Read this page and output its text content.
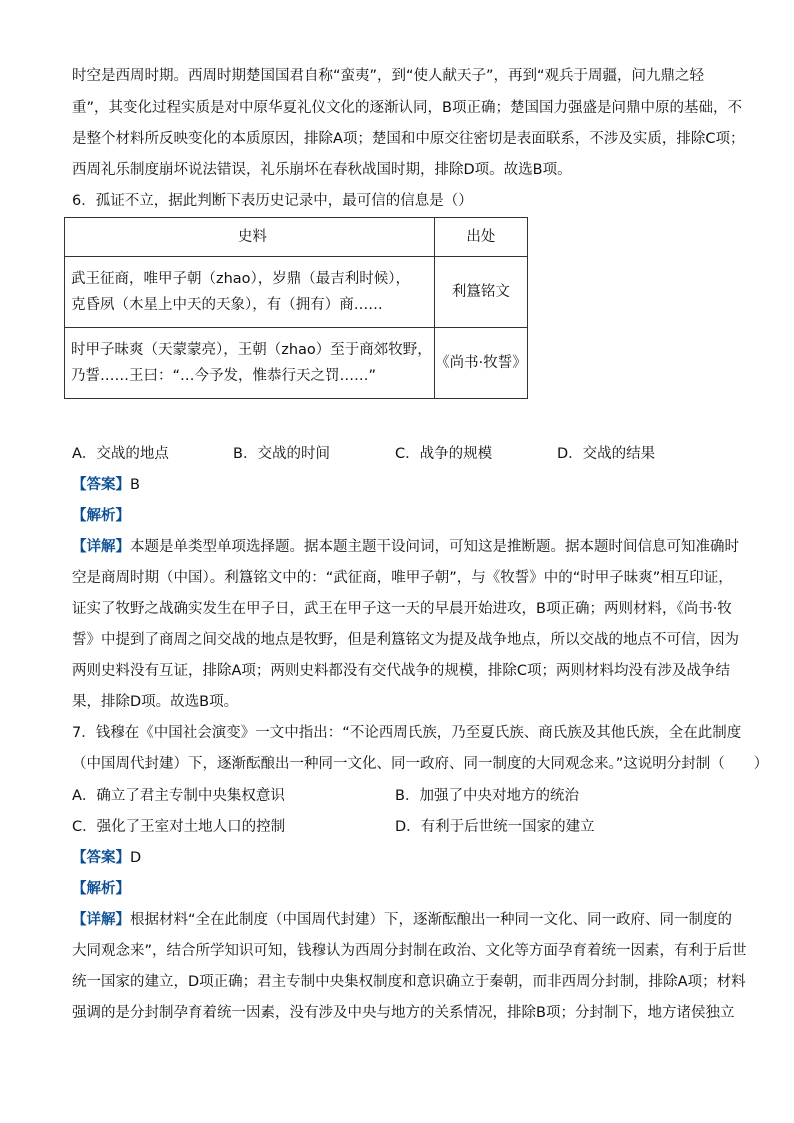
时空是西周时期。西周时期楚国国君自称“蛮夷”，到“使人献天子”，再到“观兵于周疆，问九鼎之轻
重”，其变化过程实质是对中原华夏礼仪文化的逐渐认同，B项正确；楚国国力强盛是问鼎中原的基础，不
是整个材料所反映变化的本质原因，排除A项；楚国和中原交往密切是表面联系，不涉及实质，排除C项；
西周礼乐制度崩坏说法错误，礼乐崩坏在春秋战国时期，排除D项。故选B项。
6．孤证不立，据此判断下表历史记录中，最可信的信息是（）
史料	出处

武王征商，唯甲子朝（zhao），岁鼎（最吉利时候），
克昏夙（木星上中天的天象），有（拥有）商……	利簋铭文

时甲子昧爽（天蒙蒙亮），王朝（zhao）至于商郊牧野，
乃誓……王曰：“…今予发，惟恭行天之罚……”	《尚书·牧誓》
A．交战的地点	B．交战的时间	C．战争的规模	D．交战的结果
【答案】B
【解析】
【详解】本题是单类型单项选择题。据本题主题干设问词，可知这是推断题。据本题时间信息可知准确时
空是商周时期（中国）。利簋铭文中的：“武征商，唯甲子朝”，与《牧誓》中的“时甲子昧爽”相互印证，
证实了牧野之战确实发生在甲子日，武王在甲子这一天的早晨开始进攻，B项正确；两则材料，《尚书·牧
誓》中提到了商周之间交战的地点是牧野，但是利簋铭文为提及战争地点，所以交战的地点不可信，因为
两则史料没有互证，排除A项；两则史料都没有交代战争的规模，排除C项；两则材料均没有涉及战争结
果，排除D项。故选B项。
7．钱穆在《中国社会演变》一文中指出：“不论西周氏族，乃至夏氏族、商氏族及其他氏族，全在此制度
（中国周代封建）下，逐渐酝酿出一种同一文化、同一政府、同一制度的大同观念来。”这说明分封制（　　）
A．确立了君主专制中央集权意识	B．加强了中央对地方的统治
C．强化了王室对土地人口的控制	D．有利于后世统一国家的建立
【答案】D
【解析】
【详解】根据材料“全在此制度（中国周代封建）下，逐渐酝酿出一种同一文化、同一政府、同一制度的
大同观念来”，结合所学知识可知，钱穆认为西周分封制在政治、文化等方面孕育着统一因素，有利于后世
统一国家的建立，D项正确；君主专制中央集权制度和意识确立于秦朝，而非西周分封制，排除A项；材料
强调的是分封制孕育着统一因素，没有涉及中央与地方的关系情况，排除B项；分封制下，地方诸侯独立
